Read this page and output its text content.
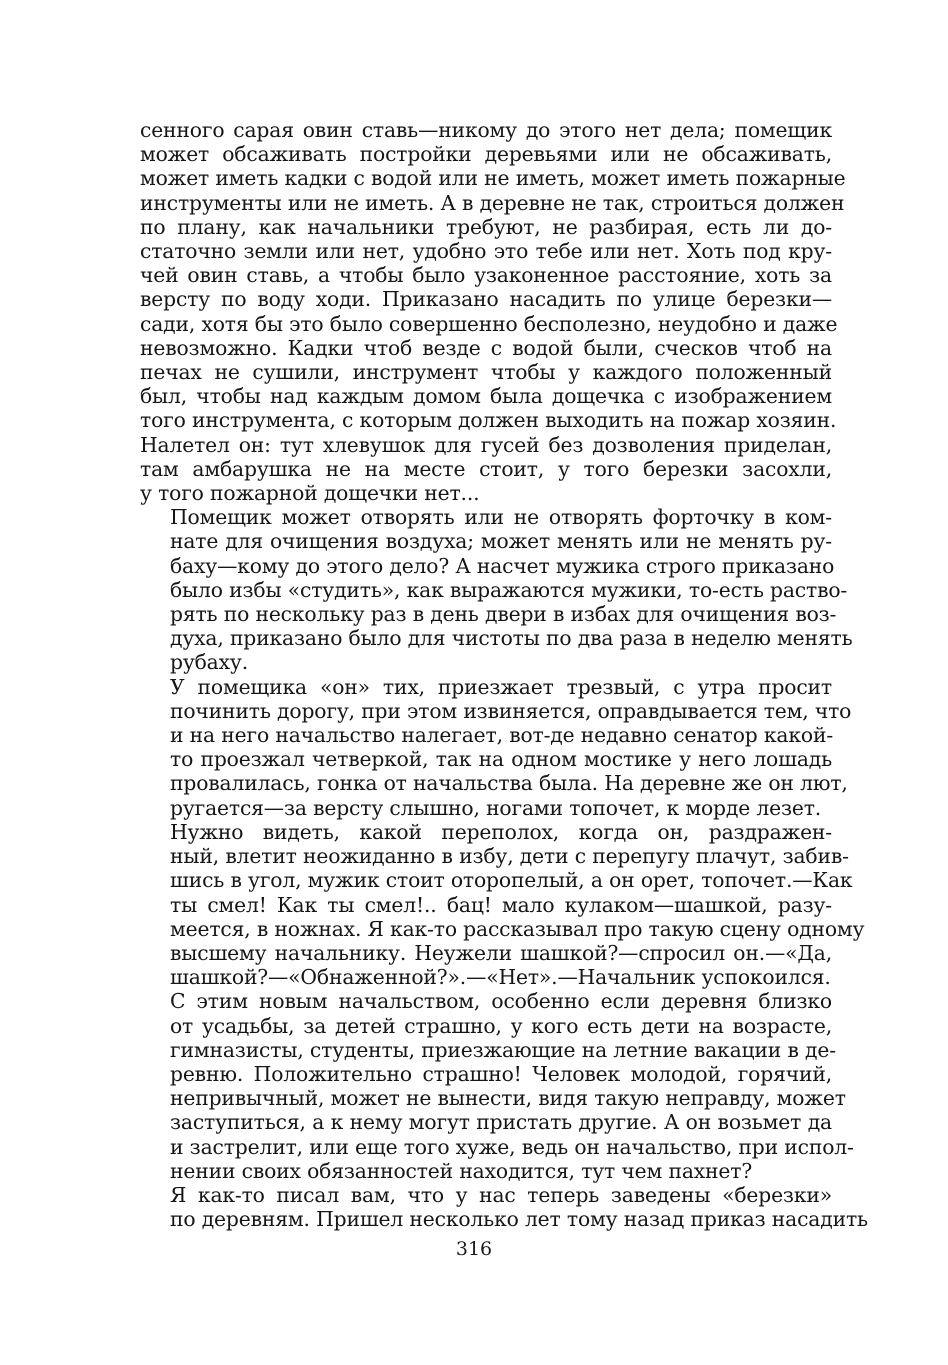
сенного сарая овин ставь—никому до этого нет дела; помещик
может обсаживать постройки деревьями или не обсаживать,
может иметь кадки с водой или не иметь, может иметь пожарные
инструменты или не иметь. А в деревне не так, строиться должен
по плану, как начальники требуют, не разбирая, есть ли до-
статочно земли или нет, удобно это тебе или нет. Хоть под кру-
чей овин ставь, а чтобы было узаконенное расстояние, хоть за
версту по воду ходи. Приказано насадить по улице березки—
сади, хотя бы это было совершенно бесполезно, неудобно и даже
невозможно. Кадки чтоб везде с водой были, сческов чтоб на
печах не сушили, инструмент чтобы у каждого положенный
был, чтобы над каждым домом была дощечка с изображением
того инструмента, с которым должен выходить на пожар хозяин.
Налетел он: тут хлевушок для гусей без дозволения приделан,
там амбарушка не на месте стоит, у того березки засохли,
у того пожарной дощечки нет...

Помещик может отворять или не отворять форточку в ком-
нате для очищения воздуха; может менять или не менять ру-
баху—кому до этого дело? А насчет мужика строго приказано
было избы «студить», как выражаются мужики, то-есть раство-
рять по нескольку раз в день двери в избах для очищения воз-
духа, приказано было для чистоты по два раза в неделю менять
рубаху.

У помещика «он» тих, приезжает трезвый, с утра просит
починить дорогу, при этом извиняется, оправдывается тем, что
и на него начальство налегает, вот-де недавно сенатор какой-
то проезжал четверкой, так на одном мостике у него лошадь
провалилась, гонка от начальства была. На деревне же он лют,
ругается—за версту слышно, ногами топочет, к морде лезет.

Нужно видеть, какой переполох, когда он, раздражен-
ный, влетит неожиданно в избу, дети с перепугу плачут, забив-
шись в угол, мужик стоит оторопелый, а он орет, топочет.—Как
ты смел! Как ты смел!.. бац! мало кулаком—шашкой, разу-
меется, в ножнах. Я как-то рассказывал про такую сцену одному
высшему начальнику. Неужели шашкой?—спросил он.—«Да,
шашкой?—«Обнаженной?».—«Нет».—Начальник успокоился.

С этим новым начальством, особенно если деревня близко
от усадьбы, за детей страшно, у кого есть дети на возрасте,
гимназисты, студенты, приезжающие на летние вакации в де-
ревню. Положительно страшно! Человек молодой, горячий,
непривычный, может не вынести, видя такую неправду, может
заступиться, а к нему могут пристать другие. А он возьмет да
и застрелит, или еще того хуже, ведь он начальство, при испол-
нении своих обязанностей находится, тут чем пахнет?

Я как-то писал вам, что у нас теперь заведены «березки»
по деревням. Пришел несколько лет тому назад приказ насадить

316
